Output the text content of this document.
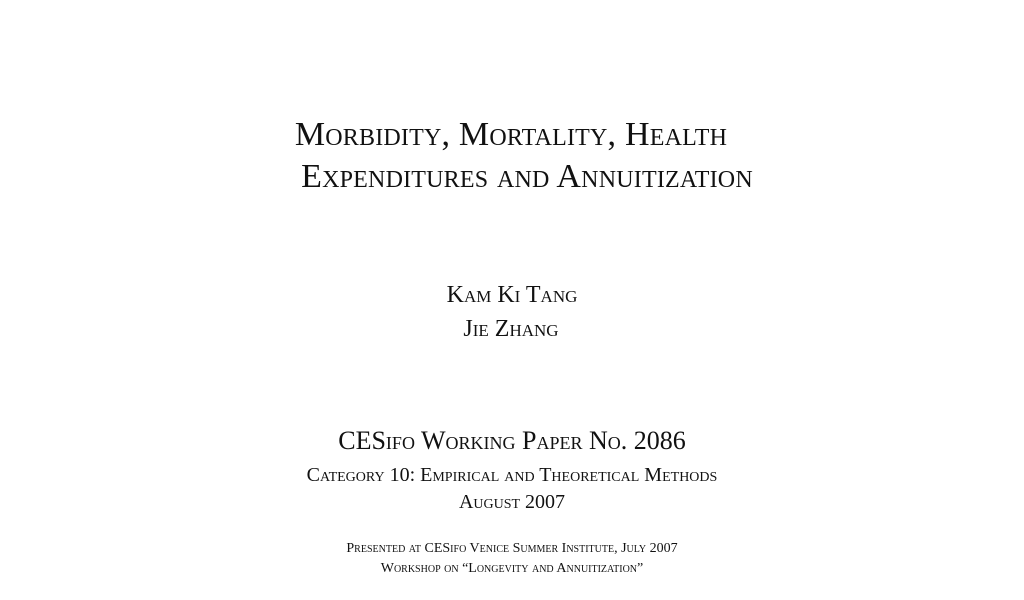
Morbidity, Mortality, Health
Expenditures and Annuitization
Kam Ki Tang
Jie Zhang
CESifo Working Paper No. 2086
Category 10: Empirical and Theoretical Methods
August 2007
Presented at CESifo Venice Summer Institute, July 2007
Workshop on “Longevity and Annuitization”
